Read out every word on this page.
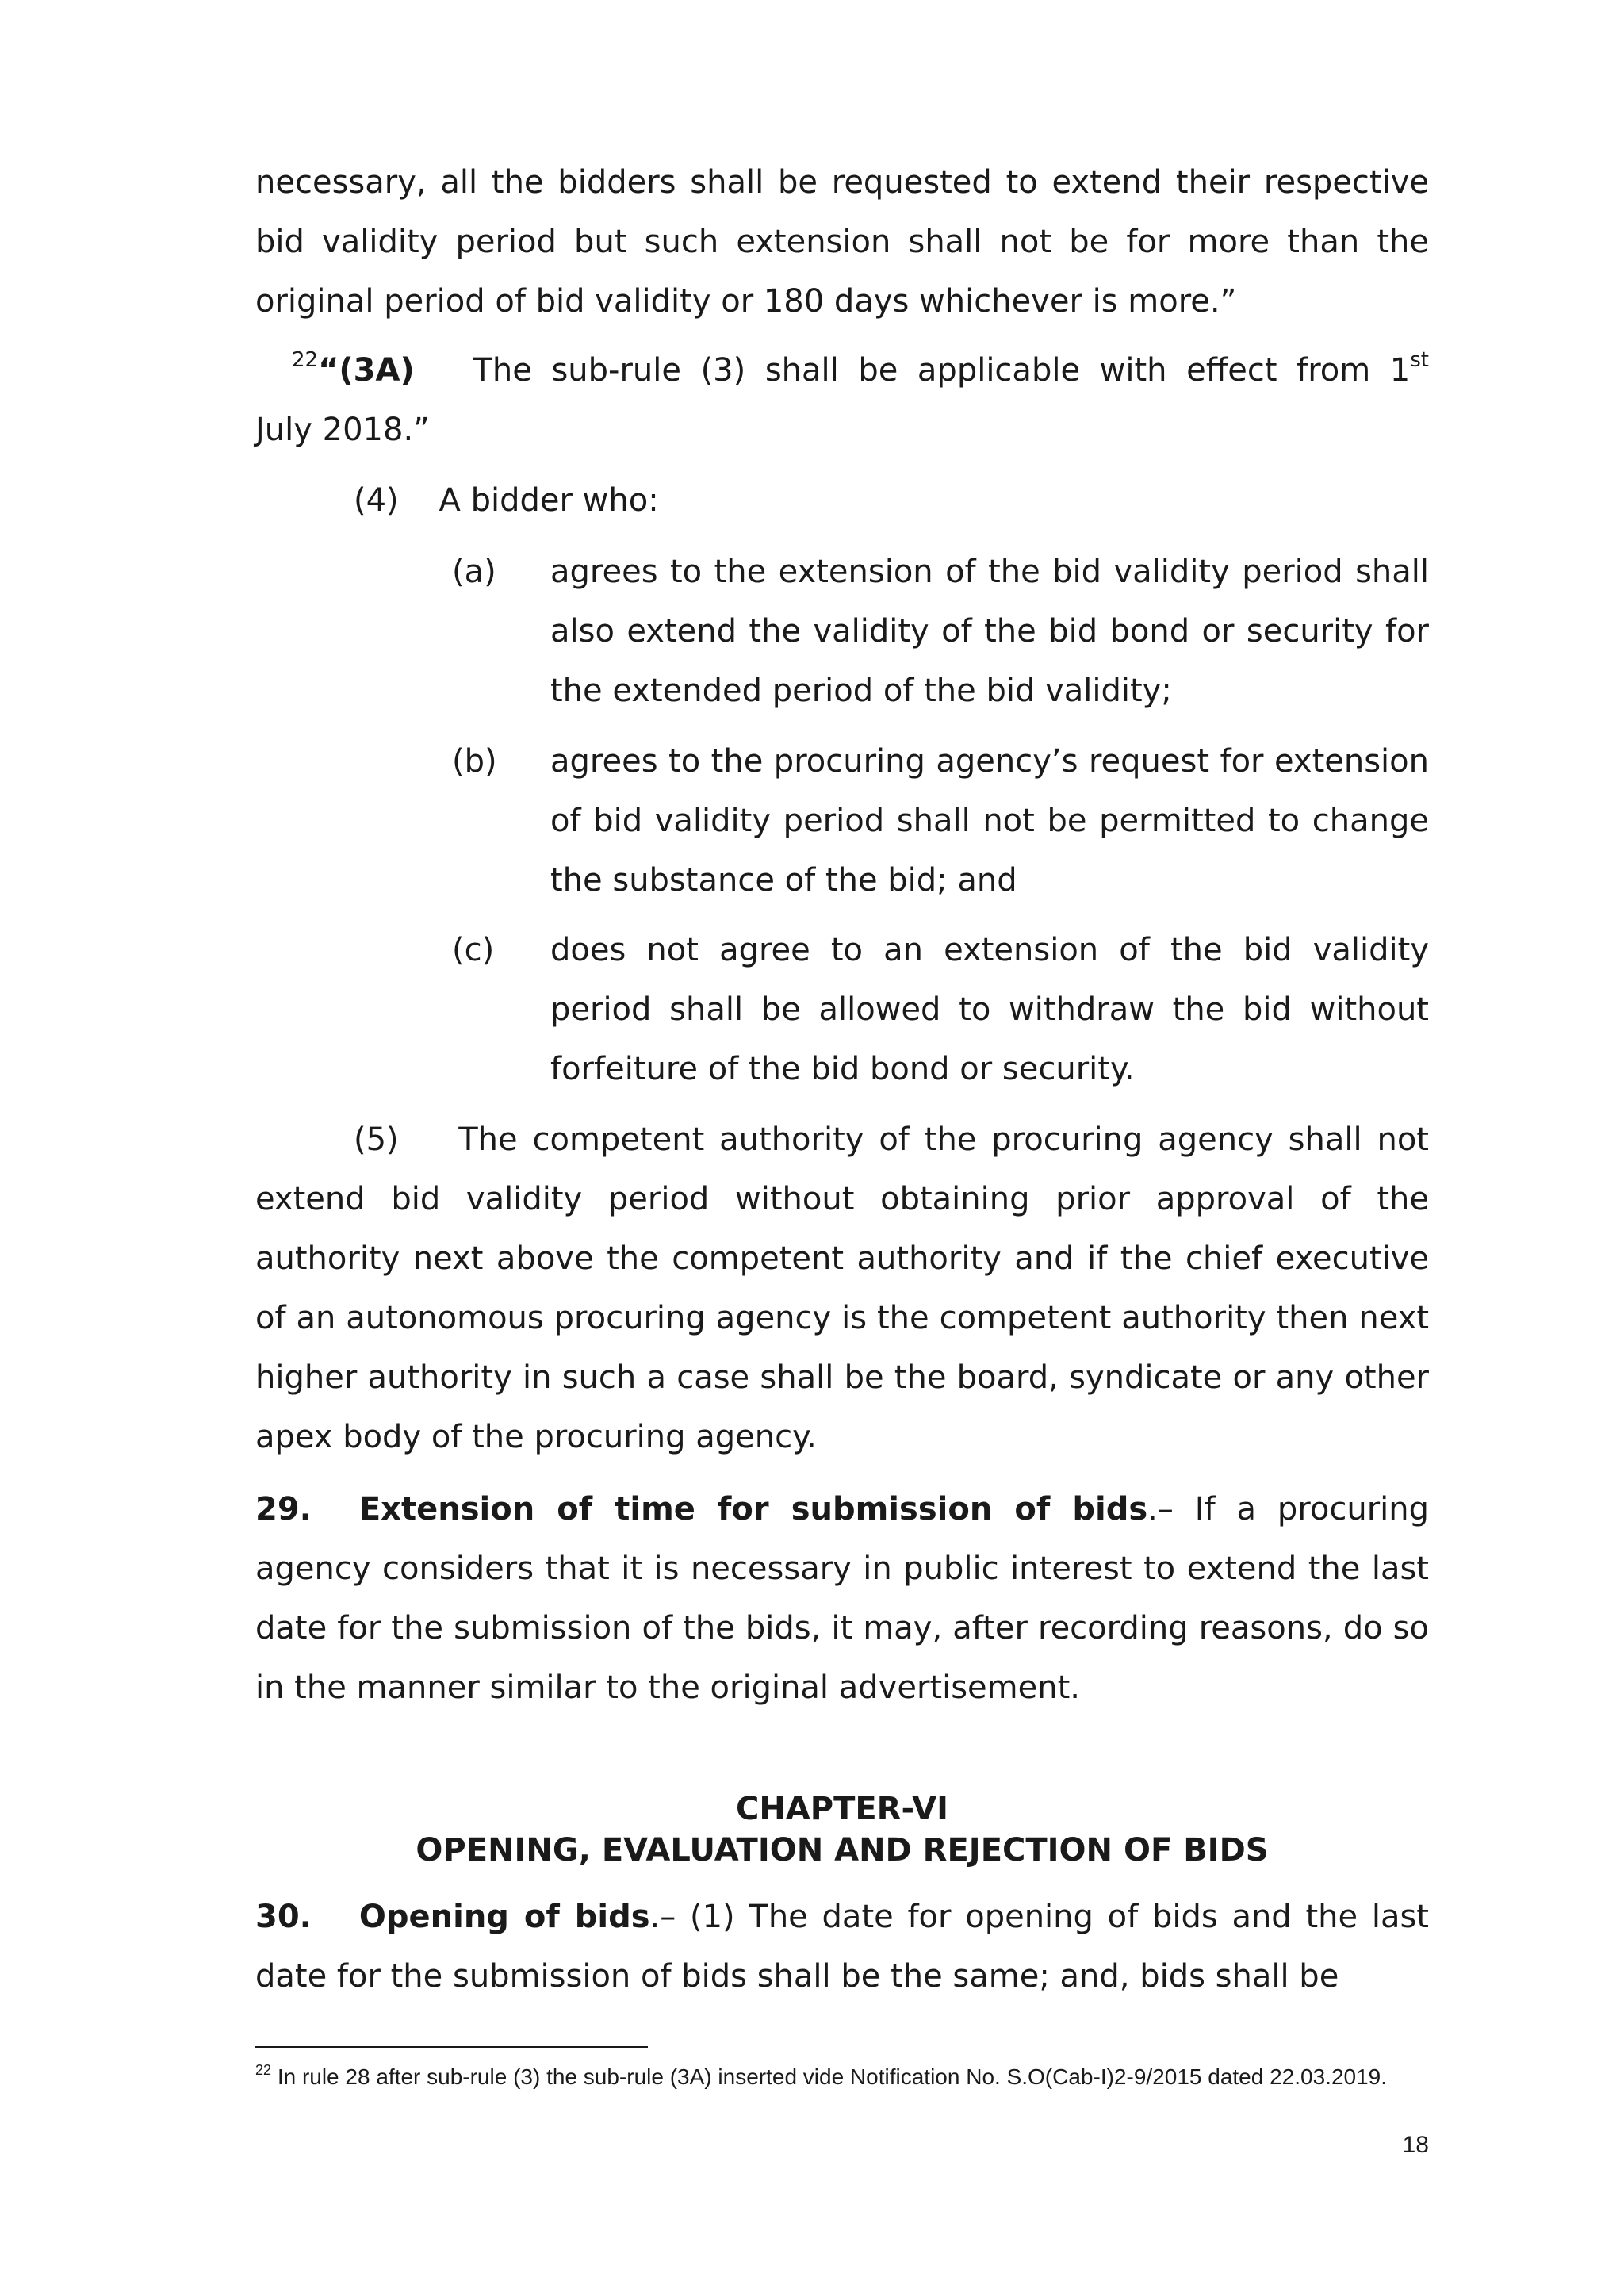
necessary, all the bidders shall be requested to extend their respective bid validity period but such extension shall not be for more than the original period of bid validity or 180 days whichever is more.”

$^{22}$“(3A) The sub-rule (3) shall be applicable with effect from 1st

July 2018.”

(4) A bidder who:

(a)	agrees to the extension of the bid validity period shall also extend the validity of the bid bond or security for the extended period of the bid validity;
(b)	agrees to the procuring agency’s request for extension of bid validity period shall not be permitted to change the substance of the bid; and
(c)	does not agree to an extension of the bid validity period shall be allowed to withdraw the bid without forfeiture of the bid bond or security.

(5) The competent authority of the procuring agency shall not extend bid validity period without obtaining prior approval of the authority next above the competent authority and if the chief executive of an autonomous procuring agency is the competent authority then next higher authority in such a case shall be the board, syndicate or any other apex body of the procuring agency.

29. Extension of time for submission of bids.– If a procuring agency considers that it is necessary in public interest to extend the last date for the submission of the bids, it may, after recording reasons, do so in the manner similar to the original advertisement.

CHAPTER-VI
OPENING, EVALUATION AND REJECTION OF BIDS

30. Opening of bids.– (1) The date for opening of bids and the last date for the submission of bids shall be the same; and, bids shall be

$^{22}$ In rule 28 after sub-rule (3) the sub-rule (3A) inserted vide Notification No. S.O(Cab-I)2-9/2015 dated 22.03.2019.
18
